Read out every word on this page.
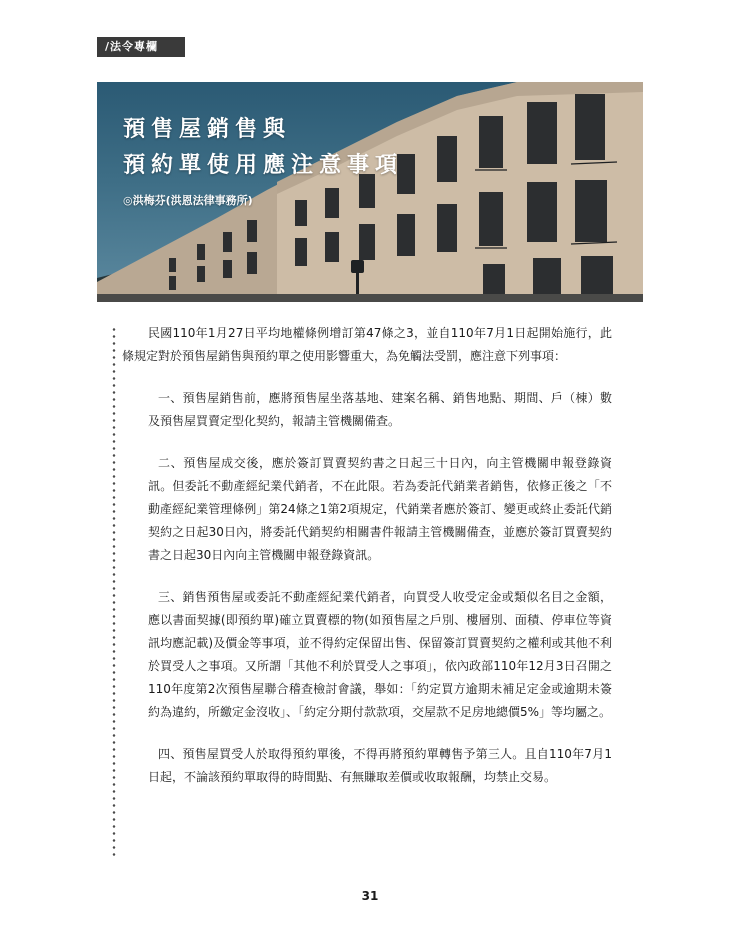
/法令專欄
預售屋銷售與
預約單使用應注意事項
◎洪梅芬(洪恩法律事務所)

民國110年1月27日平均地權條例增訂第47條之3，並自110年7月1日起開始施行，此條規定對於預售屋銷售與預約單之使用影響重大，為免觸法受罰，應注意下列事項：

一、預售屋銷售前，應將預售屋坐落基地、建案名稱、銷售地點、期間、戶（棟）數及預售屋買賣定型化契約，報請主管機關備查。

二、預售屋成交後，應於簽訂買賣契約書之日起三十日內，向主管機關申報登錄資訊。但委託不動產經紀業代銷者，不在此限。若為委託代銷業者銷售，依修正後之「不動產經紀業管理條例」第24條之1第2項規定，代銷業者應於簽訂、變更或終止委託代銷契約之日起30日內，將委託代銷契約相關書件報請主管機關備查，並應於簽訂買賣契約書之日起30日內向主管機關申報登錄資訊。

三、銷售預售屋或委託不動產經紀業代銷者，向買受人收受定金或類似名目之金額，應以書面契據(即預約單)確立買賣標的物(如預售屋之戶別、樓層別、面積、停車位等資訊均應記載)及價金等事項，並不得約定保留出售、保留簽訂買賣契約之權利或其他不利於買受人之事項。又所謂「其他不利於買受人之事項」，依內政部110年12月3日召開之110年度第2次預售屋聯合稽查檢討會議，舉如：「約定買方逾期未補足定金或逾期未簽約為違約，所繳定金沒收」、「約定分期付款款項，交屋款不足房地總價5%」等均屬之。

四、預售屋買受人於取得預約單後，不得再將預約單轉售予第三人。且自110年7月1日起，不論該預約單取得的時間點、有無賺取差價或收取報酬，均禁止交易。

31
